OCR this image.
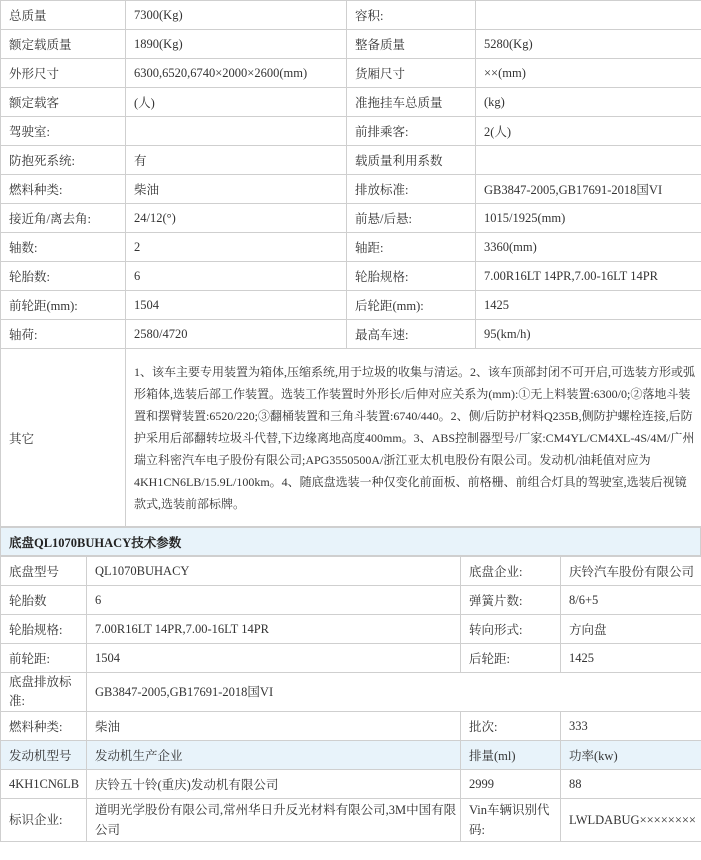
总质量	7300(Kg)	容积:	
额定载质量	1890(Kg)	整备质量	5280(Kg)
外形尺寸	6300,6520,6740×2000×2600(mm)	货厢尺寸	××(mm)
额定载客	(人)	准拖挂车总质量	(kg)
驾驶室:		前排乘客:	2(人)
防抱死系统:	有	载质量利用系数	
燃料种类:	柴油	排放标准:	GB3847-2005,GB17691-2018国VI
接近角/离去角:	24/12(°)	前悬/后悬:	1015/1925(mm)
轴数:	2	轴距:	3360(mm)
轮胎数:	6	轮胎规格:	7.00R16LT 14PR,7.00-16LT 14PR
前轮距(mm):	1504	后轮距(mm):	1425
轴荷:	2580/4720	最高车速:	95(km/h)
其它	1、该车主要专用装置为箱体,压缩系统,用于垃圾的收集与清运。2、该车顶部封闭不可开启,可选装方形或弧形箱体,选装后部工作装置。选装工作装置时外形长/后伸对应关系为(mm):①无上料装置:6300/0;②落地斗装置和摆臂装置:6520/220;③翻桶装置和三角斗装置:6740/440。2、侧/后防护材料Q235B,侧防护螺栓连接,后防护采用后部翻转垃圾斗代替,下边缘离地高度400mm。3、ABS控制器型号/厂家:CM4YL/CM4XL-4S/4M/广州瑞立科密汽车电子股份有限公司;APG3550500A/浙江亚太机电股份有限公司。发动机/油耗值对应为4KH1CN6LB/15.9L/100km。4、随底盘选装一种仅变化前面板、前格栅、前组合灯具的驾驶室,选装后视镜款式,选装前部标牌。		
底盘QL1070BUHACY技术参数
底盘型号	QL1070BUHACY	底盘企业:	庆铃汽车股份有限公司
轮胎数	6	弹簧片数:	8/6+5
轮胎规格:	7.00R16LT 14PR,7.00-16LT 14PR	转向形式:	方向盘
前轮距:	1504	后轮距:	1425
底盘排放标准:	GB3847-2005,GB17691-2018国VI		
燃料种类:	柴油	批次:	333
发动机型号	发动机生产企业	排量(ml)	功率(kw)
4KH1CN6LB	庆铃五十铃(重庆)发动机有限公司	2999	88
标识企业:	道明光学股份有限公司,常州华日升反光材料有限公司,3M中国有限公司	Vin车辆识别代码:	LWLDABUG××××××××
